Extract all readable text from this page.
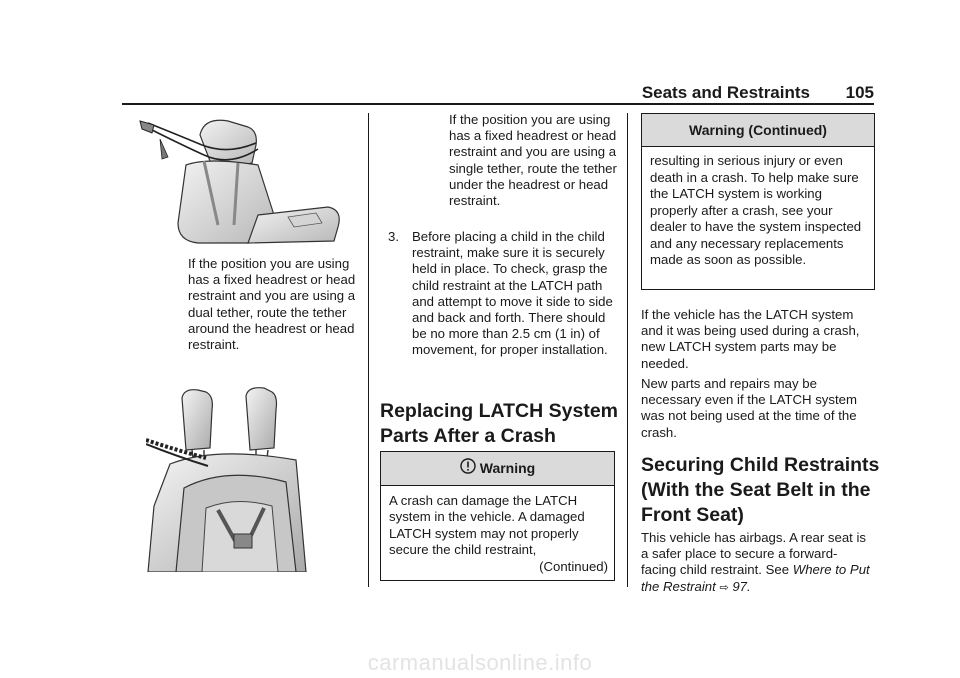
Seats and Restraints 105
If the position you are using has a fixed headrest or head restraint and you are using a dual tether, route the tether around the headrest or head restraint.
If the position you are using has a fixed headrest or head restraint and you are using a single tether, route the tether under the headrest or head restraint.
3. Before placing a child in the child restraint, make sure it is securely held in place. To check, grasp the child restraint at the LATCH path and attempt to move it side to side and back and forth. There should be no more than 2.5 cm (1 in) of movement, for proper installation.
Replacing LATCH System
Parts After a Crash
Warning
A crash can damage the LATCH system in the vehicle. A damaged LATCH system may not properly secure the child restraint,
(Continued)
Warning (Continued)
resulting in serious injury or even death in a crash. To help make sure the LATCH system is working properly after a crash, see your dealer to have the system inspected and any necessary replacements made as soon as possible.
If the vehicle has the LATCH system and it was being used during a crash, new LATCH system parts may be needed.
New parts and repairs may be necessary even if the LATCH system was not being used at the time of the crash.
Securing Child Restraints
(With the Seat Belt in the
Front Seat)
This vehicle has airbags. A rear seat is a safer place to secure a forward-facing child restraint. See Where to Put the Restraint ⇨ 97.
carmanualsonline.info
